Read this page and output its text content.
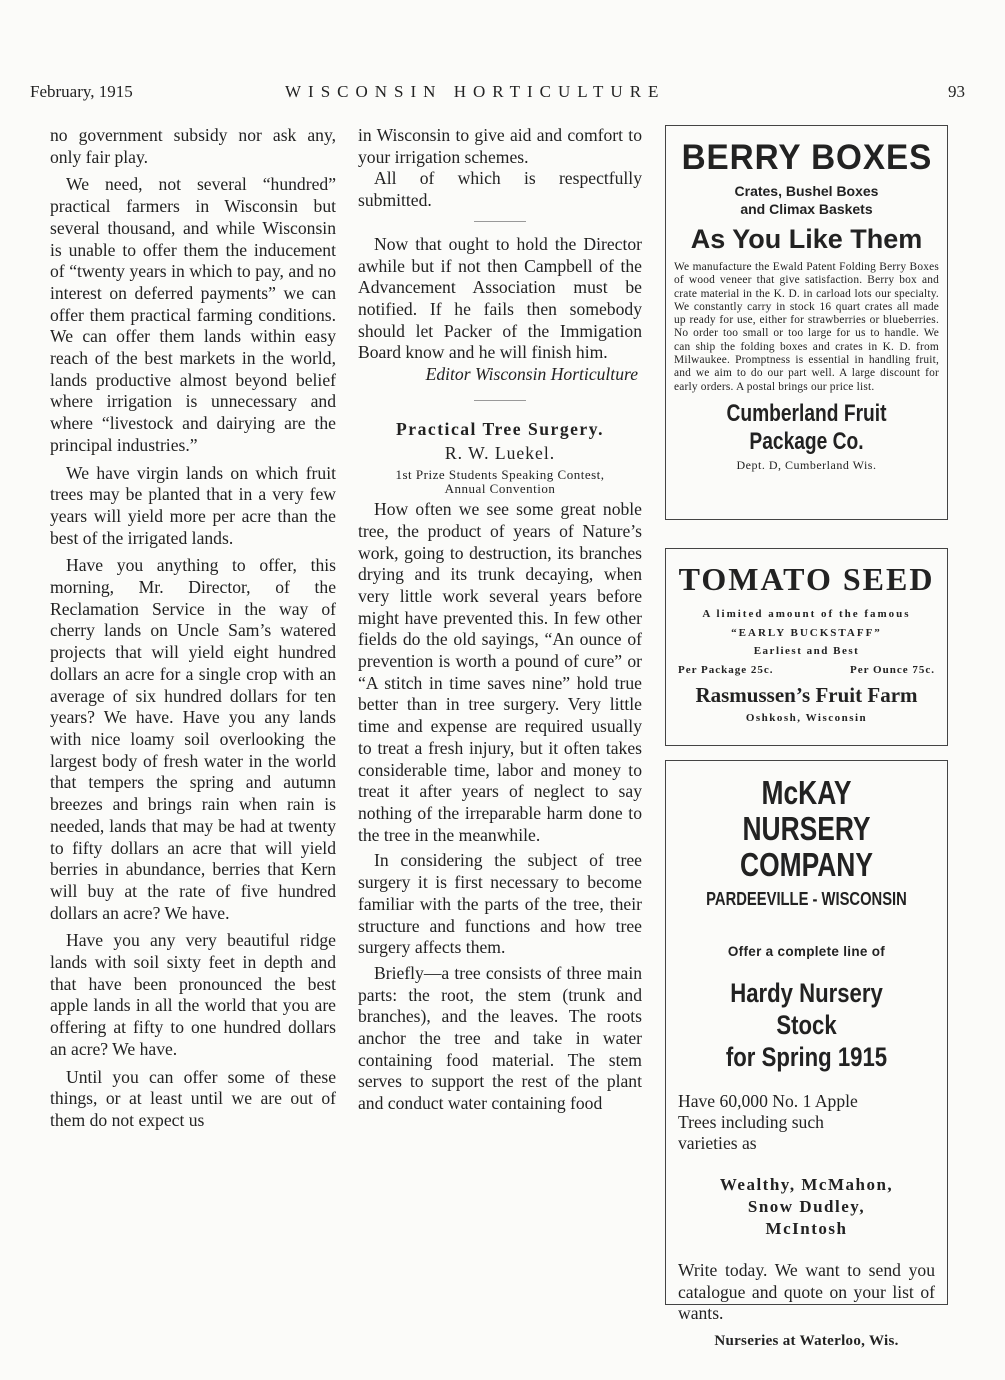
February, 1915	WISCONSIN HORTICULTURE	93

no government subsidy nor ask any, only fair play.

We need, not several “hundred” practical farmers in Wisconsin but several thousand, and while Wisconsin is unable to offer them the inducement of “twenty years in which to pay, and no interest on deferred payments” we can offer them practical farming conditions. We can offer them lands within easy reach of the best markets in the world, lands productive almost beyond belief where irrigation is unnecessary and where “livestock and dairying are the principal industries.”

We have virgin lands on which fruit trees may be planted that in a very few years will yield more per acre than the best of the irrigated lands.

Have you anything to offer, this morning, Mr. Director, of the Reclamation Service in the way of cherry lands on Uncle Sam’s watered projects that will yield eight hundred dollars an acre for a single crop with an average of six hundred dollars for ten years? We have. Have you any lands with nice loamy soil overlooking the largest body of fresh water in the world that tempers the spring and autumn breezes and brings rain when rain is needed, lands that may be had at twenty to fifty dollars an acre that will yield berries in abundance, berries that Kern will buy at the rate of five hundred dollars an acre? We have.

Have you any very beautiful ridge lands with soil sixty feet in depth and that have been pronounced the best apple lands in all the world that you are offering at fifty to one hundred dollars an acre? We have.

Until you can offer some of these things, or at least until we are out of them do not expect us

in Wisconsin to give aid and comfort to your irrigation schemes.

All of which is respectfully submitted.

Now that ought to hold the Director awhile but if not then Campbell of the Advancement Association must be notified. If he fails then somebody should let Packer of the Immigation Board know and he will finish him.

Editor Wisconsin Horticulture

Practical Tree Surgery.
R. W. Luekel.
1st Prize Students Speaking Contest,
Annual Convention

How often we see some great noble tree, the product of years of Nature’s work, going to destruction, its branches drying and its trunk decaying, when very little work several years before might have prevented this. In few other fields do the old sayings, “An ounce of prevention is worth a pound of cure” or “A stitch in time saves nine” hold true better than in tree surgery. Very little time and expense are required usually to treat a fresh injury, but it often takes considerable time, labor and money to treat it after years of neglect to say nothing of the irreparable harm done to the tree in the meanwhile.

In considering the subject of tree surgery it is first necessary to become familiar with the parts of the tree, their structure and functions and how tree surgery affects them.

Briefly—a tree consists of three main parts: the root, the stem (trunk and branches), and the leaves. The roots anchor the tree and take in water containing food material. The stem serves to support the rest of the plant and conduct water containing food

BERRY BOXES
Crates, Bushel Boxes
and Climax Baskets
As You Like Them
We manufacture the Ewald Patent Folding Berry Boxes of wood veneer that give satisfaction. Berry box and crate material in the K. D. in carload lots our specialty. We constantly carry in stock 16 quart crates all made up ready for use, either for strawberries or blueberries. No order too small or too large for us to handle. We can ship the folding boxes and crates in K. D. from Milwaukee. Promptness is essential in handling fruit, and we aim to do our part well. A large discount for early orders. A postal brings our price list.
Cumberland Fruit Package Co.
Dept. D, Cumberland Wis.
TOMATO SEED
A limited amount of the famous
“EARLY BUCKSTAFF”
Earliest and Best
Per Package 25c.	Per Ounce 75c.
Rasmussen’s Fruit Farm
Oshkosh, Wisconsin
McKAY NURSERY
COMPANY
PARDEEVILLE - WISCONSIN
Offer a complete line of
Hardy Nursery Stock
for Spring 1915
Have 60,000 No. 1 Apple Trees including such varieties as
Wealthy, McMahon,
Snow Dudley,
McIntosh
Write today. We want to send you catalogue and quote on your list of wants.
Nurseries at Waterloo, Wis.
